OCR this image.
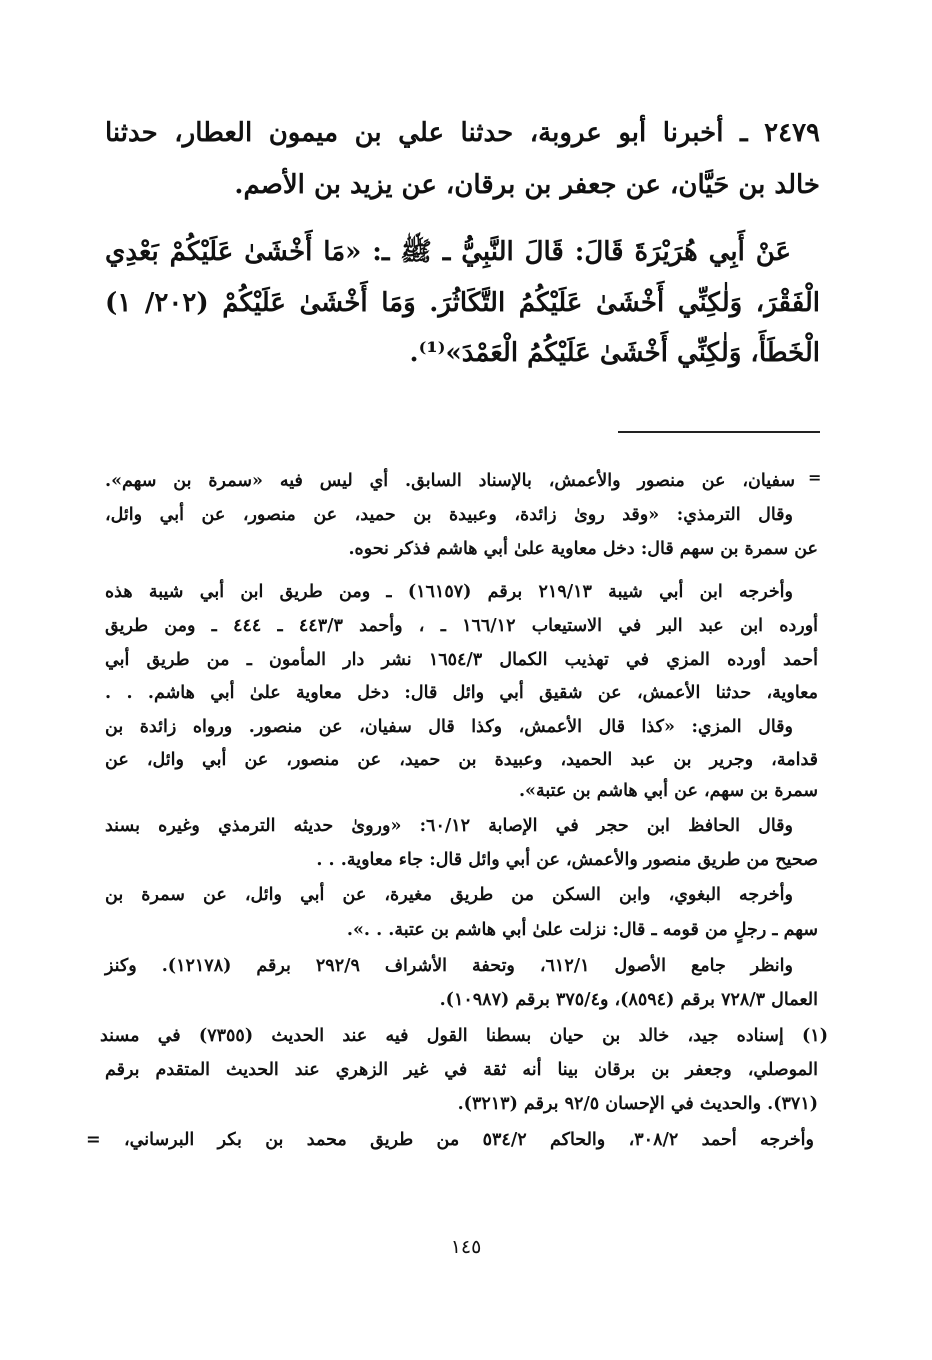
٢٤٧٩ ـ أخبرنا أبو عروبة، حدثنا علي بن ميمون العطار، حدثنا
خالد بن حَيَّان، عن جعفر بن برقان، عن يزيد بن الأصم.
عَنْ أَبِي هُرَيْرَةَ قَالَ: قَالَ النَّبِيُّ ـ ﷺ ـ: «مَا أَخْشَىٰ عَلَيْكُمْ بَعْدِي
الْفَقْرَ، وَلٰكِنِّي أَخْشَىٰ عَلَيْكُمُ التَّكَاثُرَ. وَمَا أَخْشَىٰ عَلَيْكُمْ (٢٠٢/ ١)
الْخَطَأَ، وَلٰكِنِّي أَخْشَىٰ عَلَيْكُمُ الْعَمْدَ»⁽¹⁾.
=
سفيان، عن منصور والأعمش، بالإسناد السابق. أي ليس فيه «سمرة بن سهم».
وقال الترمذي: «وقد روىٰ زائدة، وعبيدة بن حميد، عن منصور، عن أبي وائل،
عن سمرة بن سهم قال: دخل معاوية علىٰ أبي هاشم فذكر نحوه.
وأخرجه ابن أبي شيبة ٢١٩/١٣ برقم (١٦١٥٧) ـ ومن طريق ابن أبي شيبة هذه
أورده ابن عبد البر في الاستيعاب ١٦٦/١٢ ـ ، وأحمد ٤٤٣/٣ ـ ٤٤٤ ـ ومن طريق
أحمد أورده المزي في تهذيب الكمال ١٦٥٤/٣ نشر دار المأمون ـ من طريق أبي
معاوية، حدثنا الأعمش، عن شقيق أبي وائل قال: دخل معاوية علىٰ أبي هاشم. . .
وقال المزي: «كذا قال الأعمش، وكذا قال سفيان، عن منصور. ورواه زائدة بن
قدامة، وجرير بن عبد الحميد، وعبيدة بن حميد، عن منصور، عن أبي وائل، عن
سمرة بن سهم، عن أبي هاشم بن عتبة».
وقال الحافظ ابن حجر في الإصابة ٦٠/١٢: «وروىٰ حديثه الترمذي وغيره بسند
صحيح من طريق منصور والأعمش، عن أبي وائل قال: جاء معاوية. . .
وأخرجه البغوي، وابن السكن من طريق مغيرة، عن أبي وائل، عن سمرة بن
سهم ـ رجلٍ من قومه ـ قال: نزلت علىٰ أبي هاشم بن عتبة. . .».
وانظر جامع الأصول ٦١٢/١، وتحفة الأشراف ٢٩٢/٩ برقم (١٢١٧٨). وكنز
العمال ٧٢٨/٣ برقم (٨٥٩٤)، و٣٧٥/٤ برقم (١٠٩٨٧).
(١) إسناده جيد، خالد بن حيان بسطنا القول فيه عند الحديث (٧٣٥٥) في مسند
الموصلي، وجعفر بن برقان بينا أنه ثقة في غير الزهري عند الحديث المتقدم برقم
(٣٧١). والحديث في الإحسان ٩٢/٥ برقم (٣٢١٣).
وأخرجه أحمد ٣٠٨/٢، والحاكم ٥٣٤/٢ من طريق محمد بن بكر البرساني، =
١٤٥
